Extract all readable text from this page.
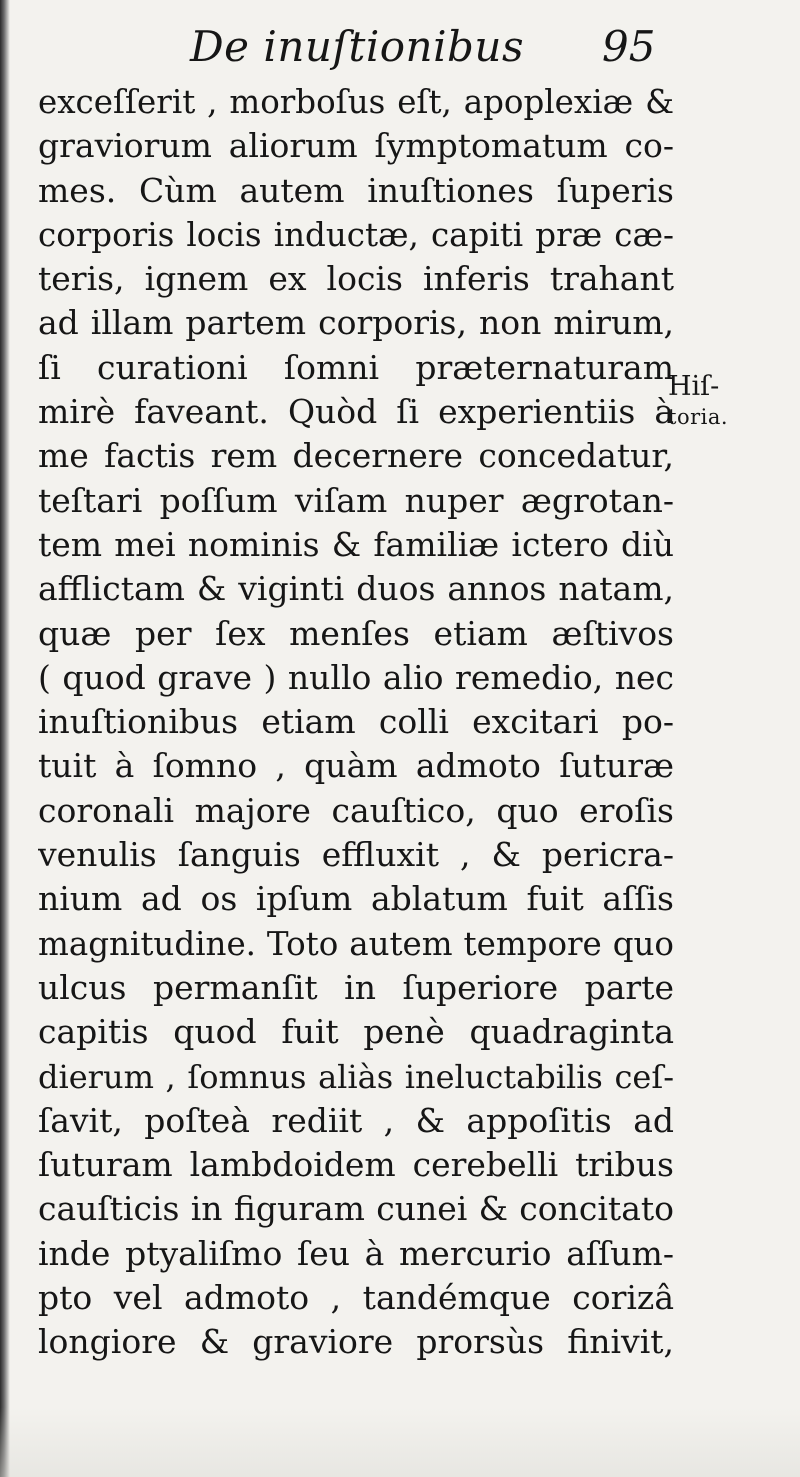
De inuſtionibus 95
exceſſerit , morboſus eſt, apoplexiæ &
graviorum aliorum ſymptomatum co-
mes. Cùm autem inuſtiones ſuperis
corporis locis inductæ, capiti præ cæ-
teris, ignem ex locis inferis trahant
ad illam partem corporis, non mirum,
ſi curationi ſomni præternaturam
mirè faveant. Quòd ſi experientiis à
me factis rem decernere concedatur,
teſtari poſſum viſam nuper ægrotan-
tem mei nominis & familiæ ictero diù
afflictam & viginti duos annos natam,
quæ per ſex menſes etiam æſtivos
( quod grave ) nullo alio remedio, nec
inuſtionibus etiam colli excitari po-
tuit à ſomno , quàm admoto ſuturæ
coronali majore cauſtico, quo eroſis
venulis ſanguis effluxit , & pericra-
nium ad os ipſum ablatum fuit aſſis
magnitudine. Toto autem tempore quo
ulcus permanſit in ſuperiore parte
capitis quod fuit penè quadraginta
dierum , ſomnus aliàs ineluctabilis ceſ-
ſavit, poſteà rediit , & appoſitis ad
ſuturam lambdoidem cerebelli tribus
cauſticis in figuram cunei & concitato
inde ptyaliſmo ſeu à mercurio aſſum-
pto vel admoto , tandémque corizâ
longiore & graviore prorsùs finivit,
Hiſ-
toria.
